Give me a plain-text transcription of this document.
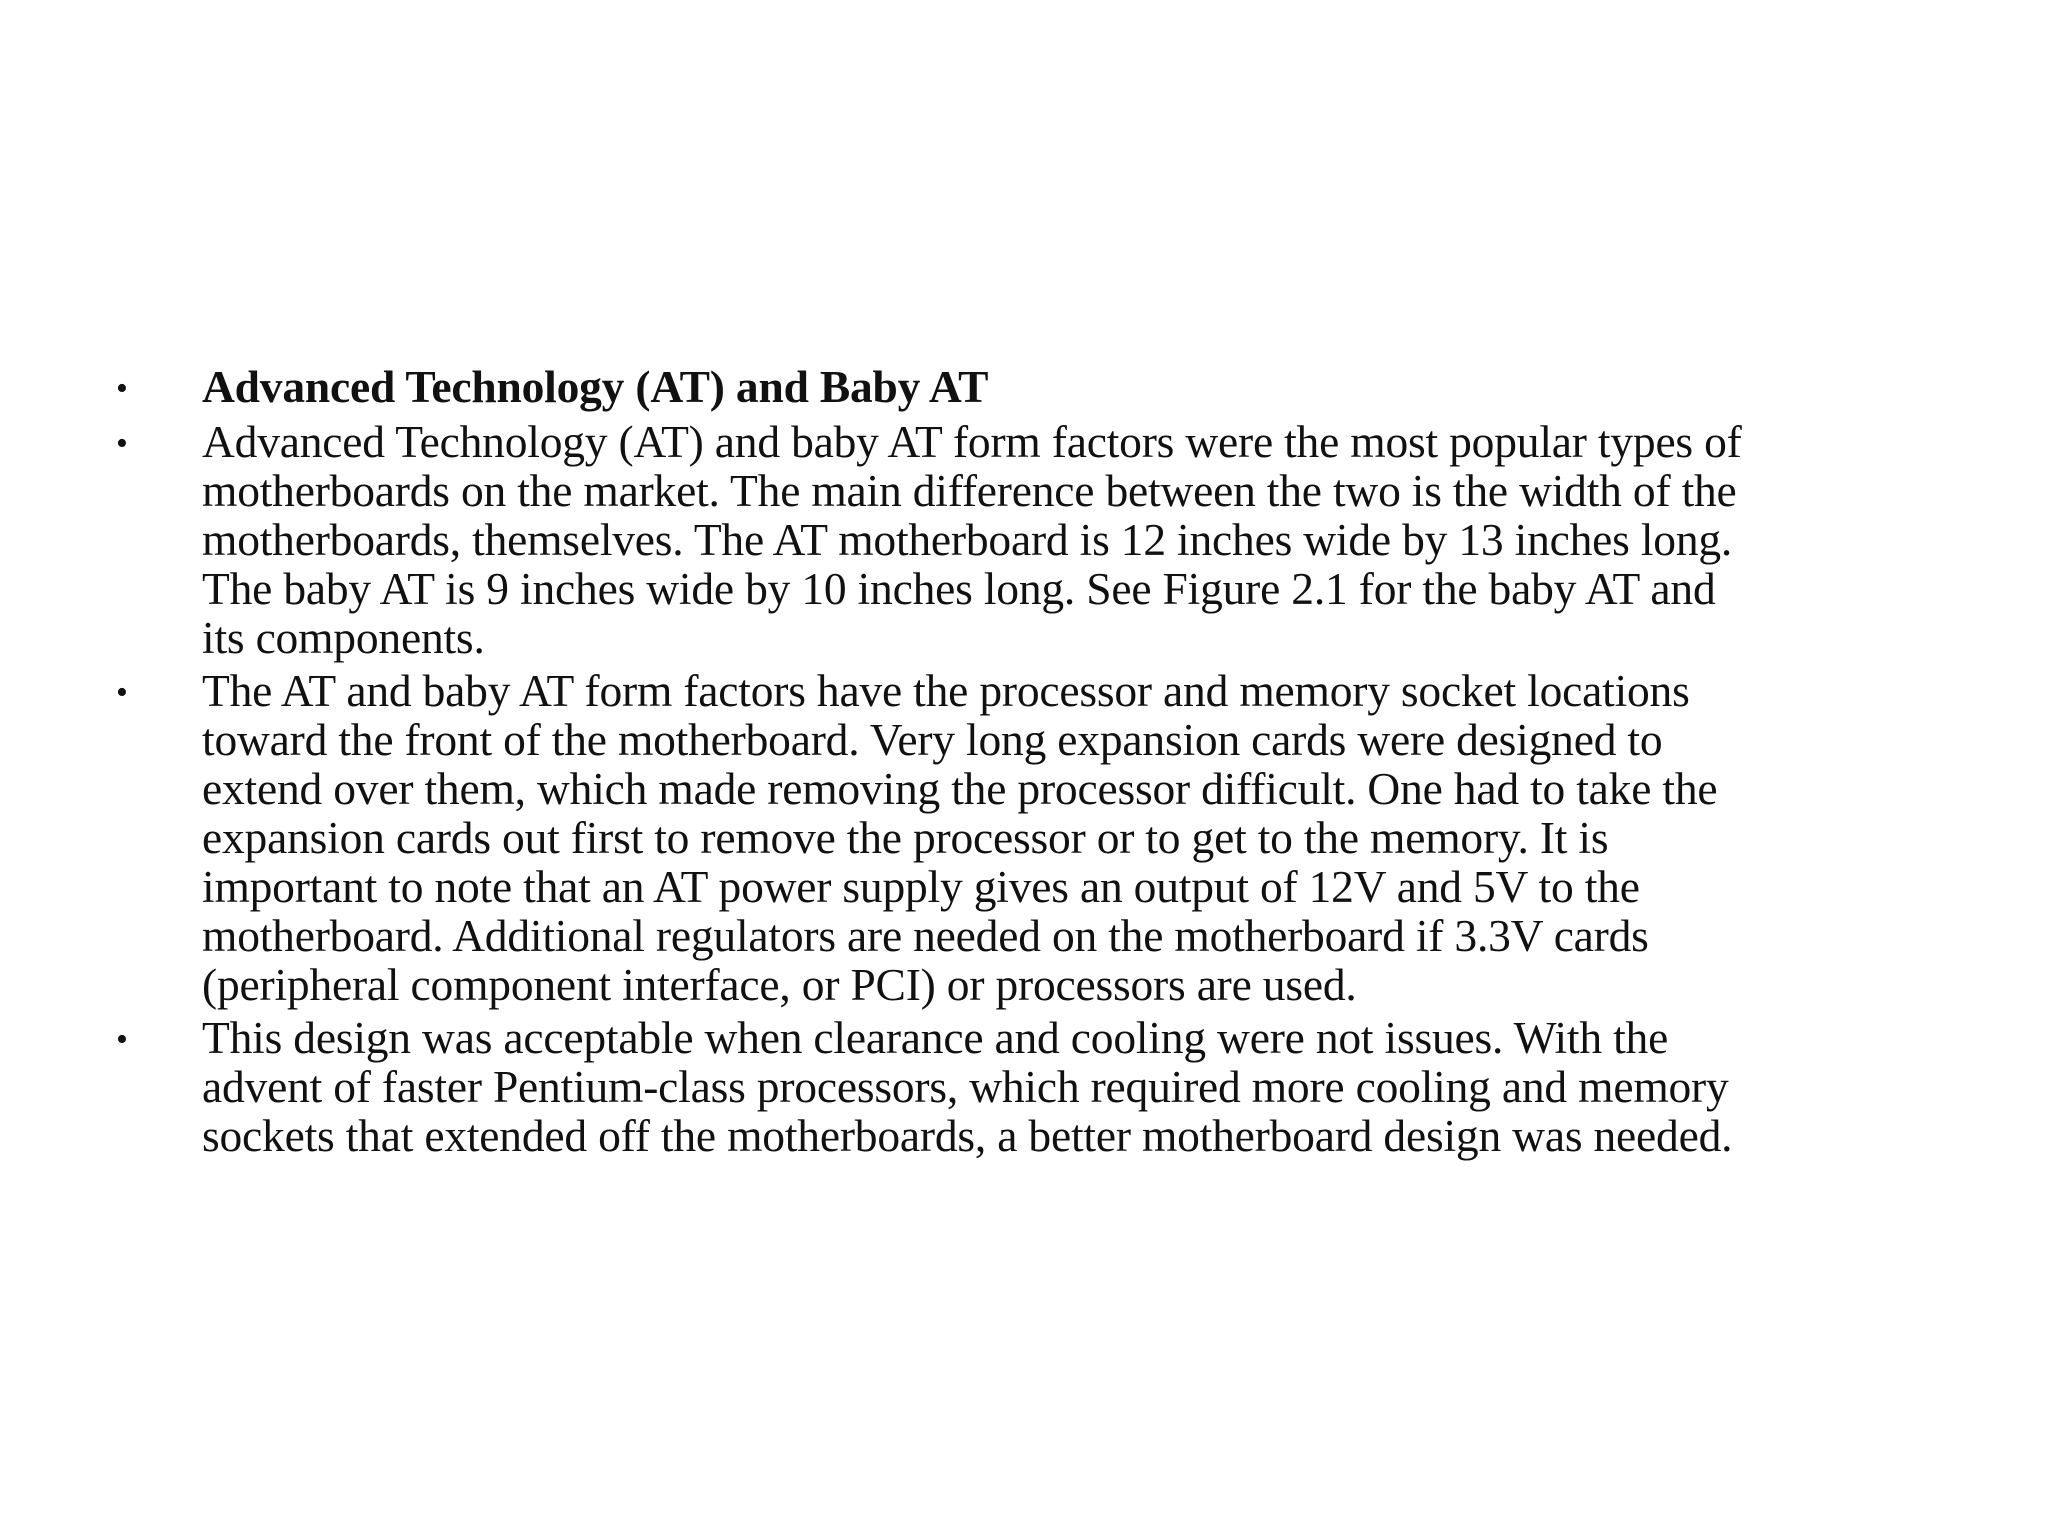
•	Advanced Technology (AT) and Baby AT
•	Advanced Technology (AT) and baby AT form factors were the most popular types of
motherboards on the market. The main difference between the two is the width of the
motherboards, themselves. The AT motherboard is 12 inches wide by 13 inches long.
The baby AT is 9 inches wide by 10 inches long. See Figure 2.1 for the baby AT and
its components.
•	The AT and baby AT form factors have the processor and memory socket locations
toward the front of the motherboard. Very long expansion cards were designed to
extend over them, which made removing the processor difficult. One had to take the
expansion cards out first to remove the processor or to get to the memory. It is
important to note that an AT power supply gives an output of 12V and 5V to the
motherboard. Additional regulators are needed on the motherboard if 3.3V cards
(peripheral component interface, or PCI) or processors are used.
•	This design was acceptable when clearance and cooling were not issues. With the
advent of faster Pentium-class processors, which required more cooling and memory
sockets that extended off the motherboards, a better motherboard design was needed.
